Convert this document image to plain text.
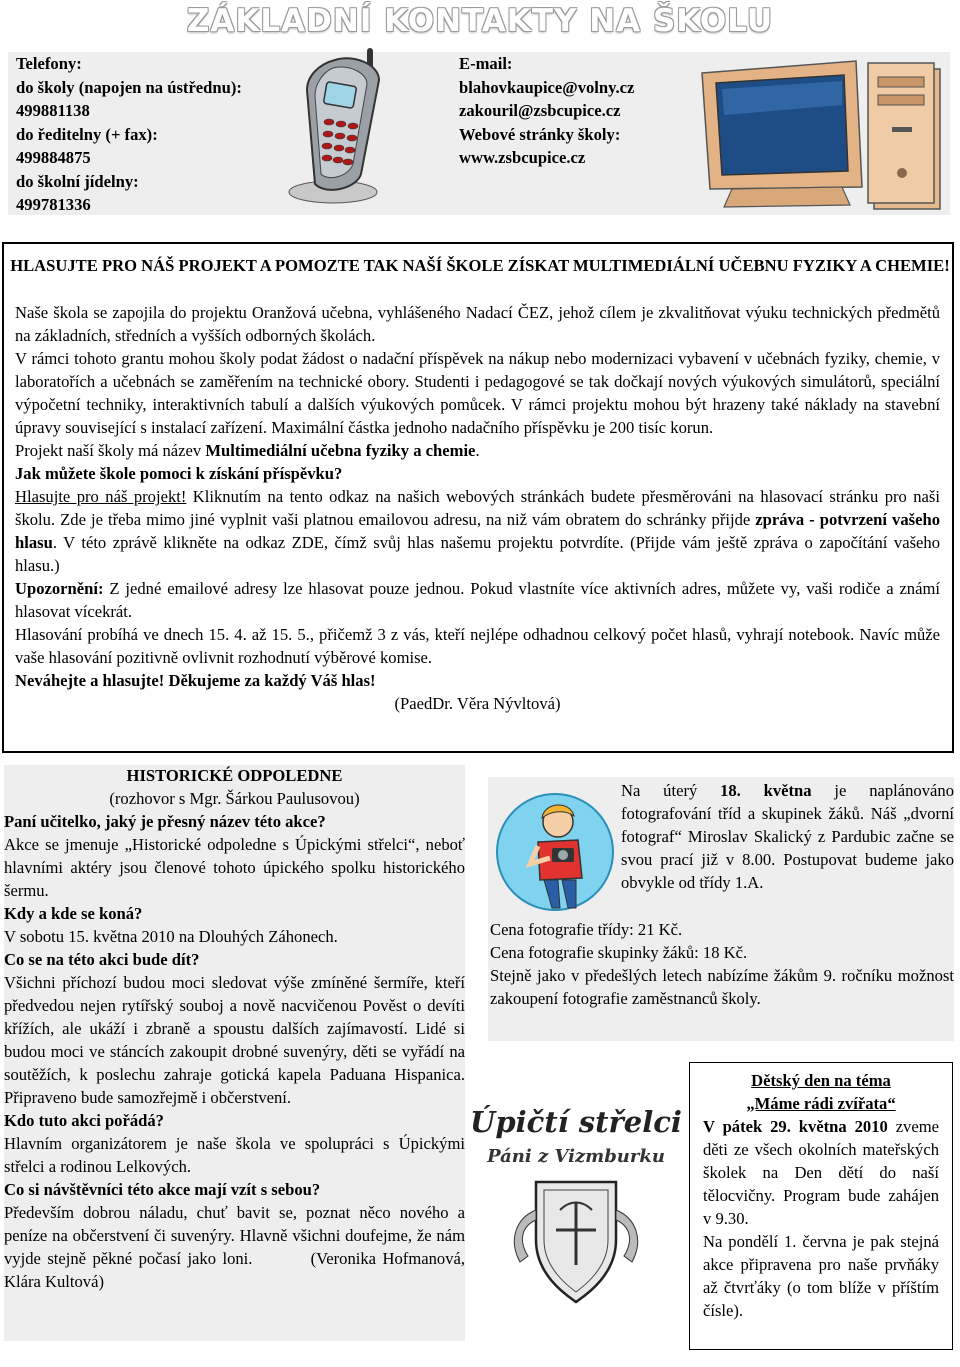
ZÁKLADNÍ KONTAKTY NA ŠKOLU
Telefony:
do školy (napojen na ústřednu):
499881138
do ředitelny (+ fax):
499884875
do školní jídelny:
499781336
E-mail:
blahovkaupice@volny.cz
zakouril@zsbcupice.cz
Webové stránky školy:
www.zsbcupice.cz
HLASUJTE PRO NÁŠ PROJEKT A POMOZTE TAK NAŠÍ ŠKOLE ZÍSKAT MULTIMEDIÁLNÍ UČEBNU FYZIKY A CHEMIE!

Naše škola se zapojila do projektu Oranžová učebna, vyhlášeného Nadací ČEZ, jehož cílem je zkvalitňovat výuku technických předmětů na základních, středních a vyšších odborných školách.

V rámci tohoto grantu mohou školy podat žádost o nadační příspěvek na nákup nebo modernizaci vybavení v učebnách fyziky, chemie, v laboratořích a učebnách se zaměřením na technické obory. Studenti i pedagogové se tak dočkají nových výukových simulátorů, speciální výpočetní techniky, interaktivních tabulí a dalších výukových pomůcek. V rámci projektu mohou být hrazeny také náklady na stavební úpravy související s instalací zařízení. Maximální částka jednoho nadačního příspěvku je 200 tisíc korun.

Projekt naší školy má název Multimediální učebna fyziky a chemie.

Jak můžete škole pomoci k získání příspěvku?

Hlasujte pro náš projekt! Kliknutím na tento odkaz na našich webových stránkách budete přesměrováni na hlasovací stránku pro naši školu. Zde je třeba mimo jiné vyplnit vaši platnou emailovou adresu, na niž vám obratem do schránky přijde zpráva - potvrzení vašeho hlasu. V této zprávě klikněte na odkaz ZDE, čímž svůj hlas našemu projektu potvrdíte. (Přijde vám ještě zpráva o započítání vašeho hlasu.)

Upozornění: Z jedné emailové adresy lze hlasovat pouze jednou. Pokud vlastníte více aktivních adres, můžete vy, vaši rodiče a známí hlasovat vícekrát.

Hlasování probíhá ve dnech 15. 4. až 15. 5., přičemž 3 z vás, kteří nejlépe odhadnou celkový počet hlasů, vyhrají notebook. Navíc může vaše hlasování pozitivně ovlivnit rozhodnutí výběrové komise.

Neváhejte a hlasujte! Děkujeme za každý Váš hlas!

(PaedDr. Věra Nývltová)

HISTORICKÉ ODPOLEDNE

(rozhovor s Mgr. Šárkou Paulusovou)

Paní učitelko, jaký je přesný název této akce?

Akce se jmenuje „Historické odpoledne s Úpickými střelci“, neboť hlavními aktéry jsou členové tohoto úpického spolku historického šermu.

Kdy a kde se koná?

V sobotu 15. května 2010 na Dlouhých Záhonech.

Co se na této akci bude dít?

Všichni příchozí budou moci sledovat výše zmíněné šermíře, kteří předvedou nejen rytířský souboj a nově nacvičenou Pověst o devíti křížích, ale ukáží i zbraně a spoustu dalších zajímavostí. Lidé si budou moci ve stáncích zakoupit drobné suvenýry, děti se vyřádí na soutěžích, k poslechu zahraje gotická kapela Paduana Hispanica. Připraveno bude samozřejmě i občerstvení.

Kdo tuto akci pořádá?

Hlavním organizátorem je naše škola ve spolupráci s Úpickými střelci a rodinou Lelkových.

Co si návštěvníci této akce mají vzít s sebou?

Především dobrou náladu, chuť bavit se, poznat něco nového a peníze na občerstvení či suvenýry. Hlavně všichni doufejme, že nám vyjde stejně pěkné počasí jako loni.	(Veronika Hofmanová, Klára Kultová)

Na úterý 18. května je naplánováno fotografování tříd a skupinek žáků. Náš „dvorní fotograf“ Miroslav Skalický z Pardubic začne se svou prací již v 8.00. Postupovat budeme jako obvykle od třídy 1.A.

Cena fotografie třídy: 21 Kč.

Cena fotografie skupinky žáků: 18 Kč.

Stejně jako v předešlých letech nabízíme žákům 9. ročníku možnost zakoupení fotografie zaměstnanců školy.

Úpičtí střelci
Páni z Vizmburku

Dětský den na téma

„Máme rádi zvířata“

V pátek 29. května 2010 zveme děti ze všech okolních mateřských školek na Den dětí do naší tělocvičny. Program bude zahájen v 9.30.

Na pondělí 1. června je pak stejná akce připravena pro naše prvňáky až čtvrťáky (o tom blíže v příštím čísle).
